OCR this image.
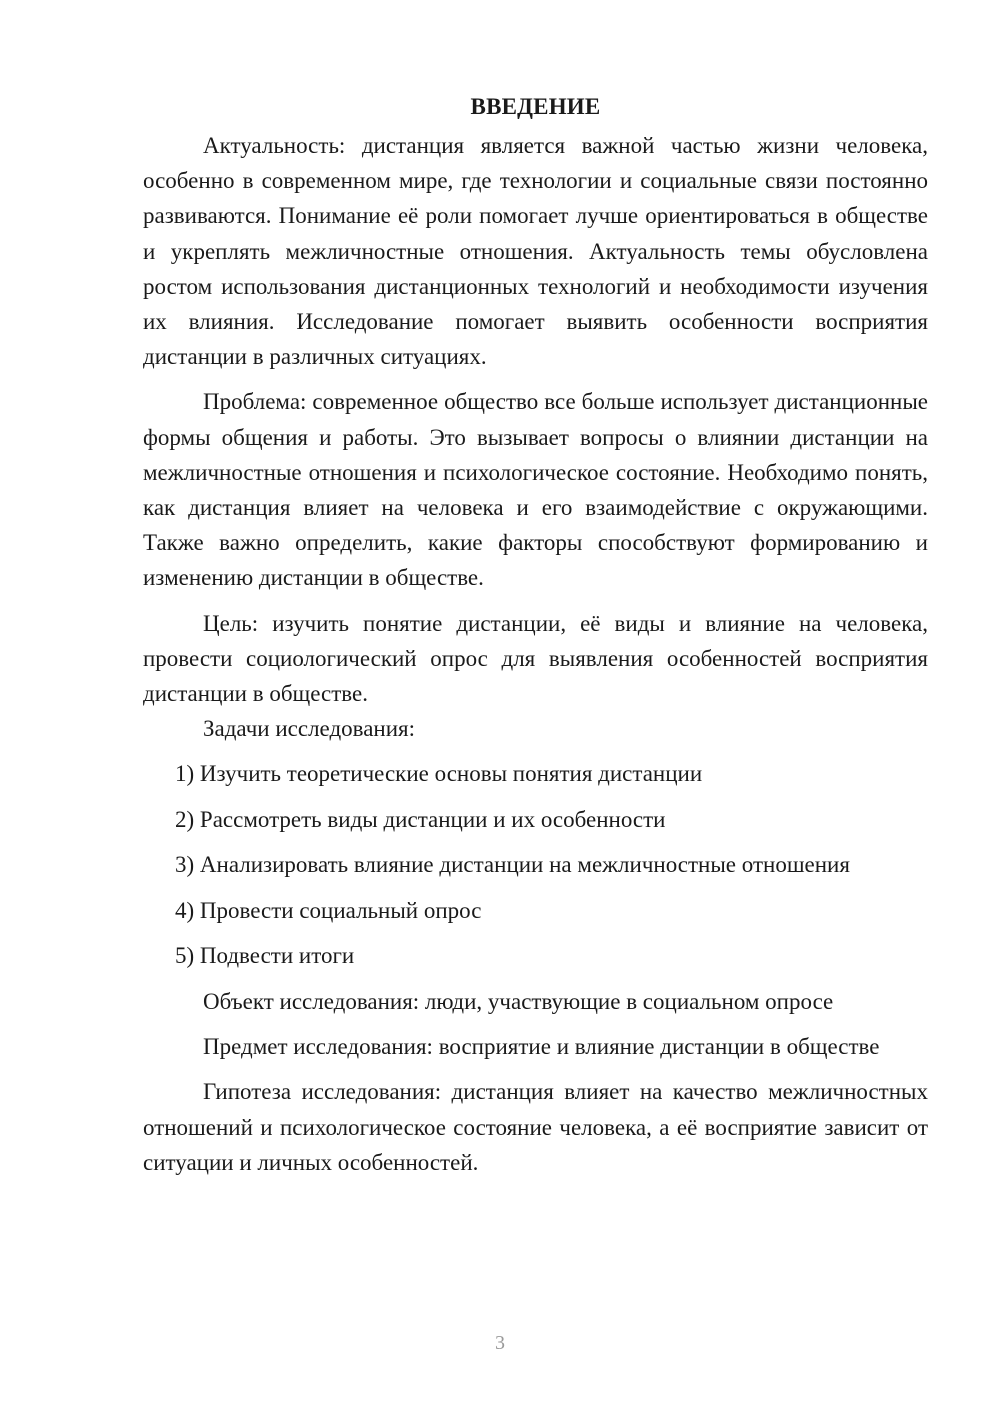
ВВЕДЕНИЕ

Актуальность: дистанция является важной частью жизни человека, особенно в современном мире, где технологии и социальные связи постоянно развиваются. Понимание её роли помогает лучше ориентироваться в обществе и укреплять межличностные отношения. Актуальность темы обусловлена ростом использования дистанционных технологий и необходимости изучения их влияния. Исследование помогает выявить особенности восприятия дистанции в различных ситуациях.

Проблема: современное общество все больше использует дистанционные формы общения и работы. Это вызывает вопросы о влиянии дистанции на межличностные отношения и психологическое состояние. Необходимо понять, как дистанция влияет на человека и его взаимодействие с окружающими. Также важно определить, какие факторы способствуют формированию и изменению дистанции в обществе.

Цель: изучить понятие дистанции, её виды и влияние на человека, провести социологический опрос для выявления особенностей восприятия дистанции в обществе.

Задачи исследования:

1) Изучить теоретические основы понятия дистанции
2) Рассмотреть виды дистанции и их особенности
3) Анализировать влияние дистанции на межличностные отношения
4) Провести социальный опрос
5) Подвести итоги

Объект исследования: люди, участвующие в социальном опросе

Предмет исследования: восприятие и влияние дистанции в обществе

Гипотеза исследования: дистанция влияет на качество межличностных отношений и психологическое состояние человека, а её восприятие зависит от ситуации и личных особенностей.

3
